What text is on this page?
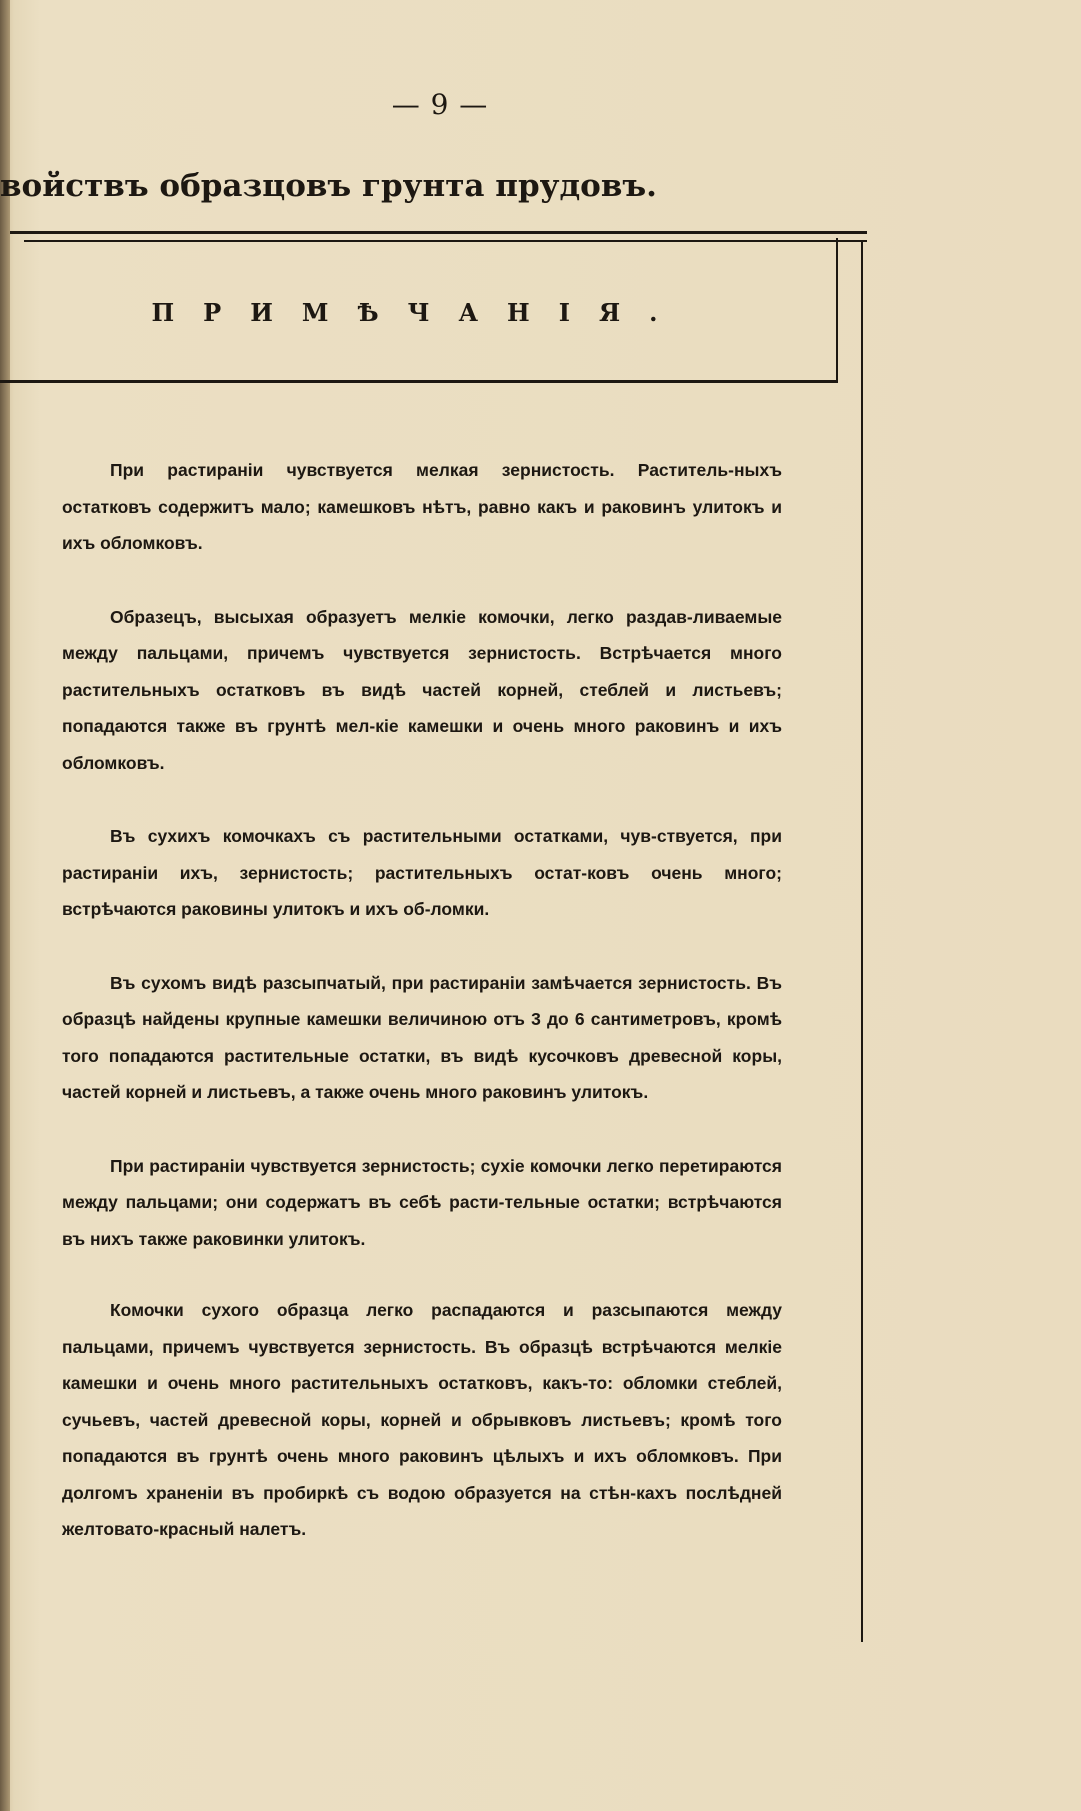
— 9 —
войствъ образцовъ грунта прудовъ.
ПРИМѢЧАНІЯ.

При растираніи чувствуется мелкая зернистость. Раститель-ныхъ остатковъ содержитъ мало; камешковъ нѣтъ, равно какъ и раковинъ улитокъ и ихъ обломковъ.

Образецъ, высыхая образуетъ мелкіе комочки, легко раздав-ливаемые между пальцами, причемъ чувствуется зернистость. Встрѣчается много растительныхъ остатковъ въ видѣ частей корней, стеблей и листьевъ; попадаются также въ грунтѣ мел-кіе камешки и очень много раковинъ и ихъ обломковъ.

Въ сухихъ комочкахъ съ растительными остатками, чув-ствуется, при растираніи ихъ, зернистость; растительныхъ остат-ковъ очень много; встрѣчаются раковины улитокъ и ихъ об-ломки.

Въ сухомъ видѣ разсыпчатый, при растираніи замѣчается зернистость. Въ образцѣ найдены крупные камешки величиною отъ 3 до 6 сантиметровъ, кромѣ того попадаются растительные остатки, въ видѣ кусочковъ древесной коры, частей корней и листьевъ, а также очень много раковинъ улитокъ.

При растираніи чувствуется зернистость; сухіе комочки легко перетираются между пальцами; они содержатъ въ себѣ расти-тельные остатки; встрѣчаются въ нихъ также раковинки улитокъ.

Комочки сухого образца легко распадаются и разсыпаются между пальцами, причемъ чувствуется зернистость. Въ образцѣ встрѣчаются мелкіе камешки и очень много растительныхъ остатковъ, какъ-то: обломки стеблей, сучьевъ, частей древесной коры, корней и обрывковъ листьевъ; кромѣ того попадаются въ грунтѣ очень много раковинъ цѣлыхъ и ихъ обломковъ. При долгомъ храненіи въ пробиркѣ съ водою образуется на стѣн-кахъ послѣдней желтовато-красный налетъ.
